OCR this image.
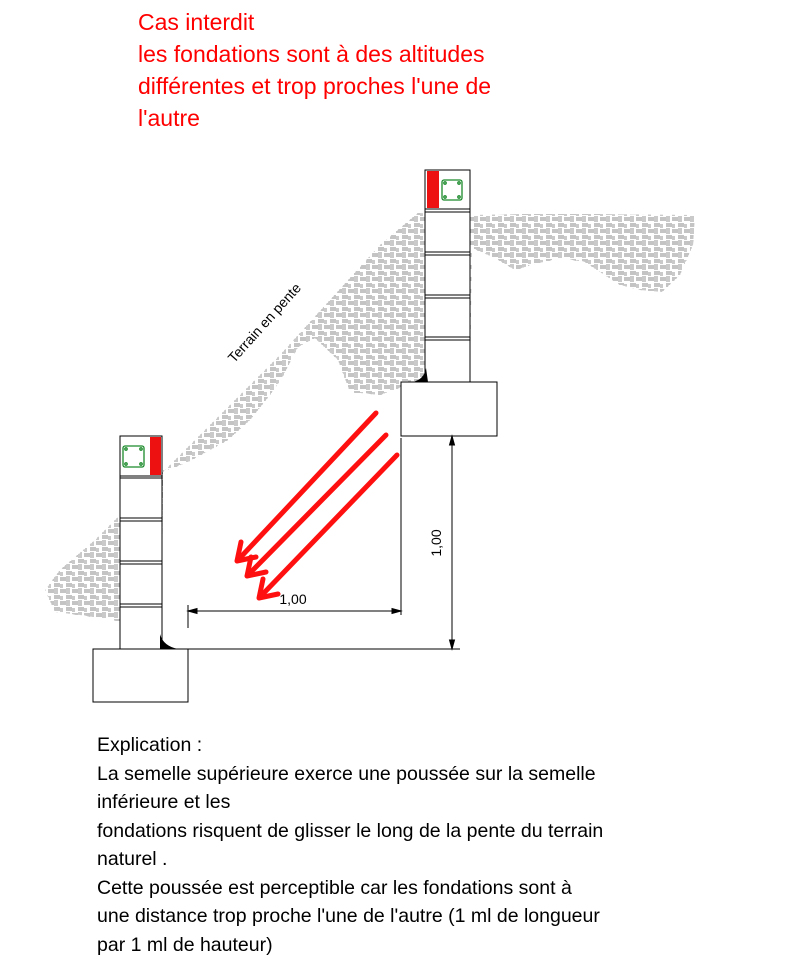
Cas interdit
les fondations sont à des altitudes
différentes et trop proches l'une de
l'autre
1,00
1,00
Terrain en pente
Explication :
La semelle supérieure exerce une poussée sur la semelle
inférieure et les
fondations risquent de glisser le long de la pente du terrain
naturel .
Cette poussée est perceptible car les fondations sont à
une distance trop proche l'une de l'autre (1 ml de longueur
par 1 ml de hauteur)
